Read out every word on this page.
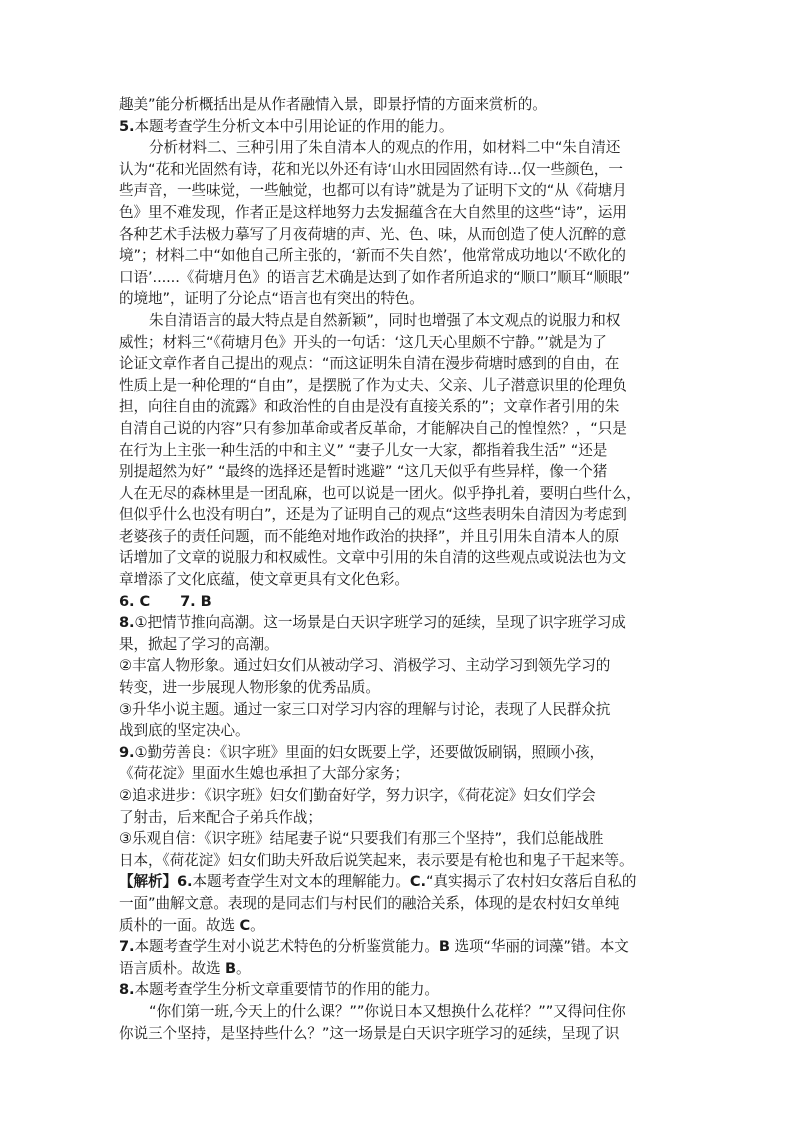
趣美”能分析概括出是从作者融情入景，即景抒情的方面来赏析的。
5.本题考查学生分析文本中引用论证的作用的能力。
分析材料二、三种引用了朱自清本人的观点的作用，如材料二中“朱自清还
认为“花和光固然有诗，花和光以外还有诗‘山水田园固然有诗...仅一些颜色，一
些声音，一些味觉，一些触觉，也都可以有诗”就是为了证明下文的“从《荷塘月
色》里不难发现，作者正是这样地努力去发掘蕴含在大自然里的这些“诗”，运用
各种艺术手法极力摹写了月夜荷塘的声、光、色、味，从而创造了使人沉醉的意
境”；材料二中“如他自己所主张的，‘新而不失自然’，他常常成功地以‘不欧化的
口语’......《荷塘月色》的语言艺术确是达到了如作者所追求的“顺口”顺耳“顺眼”
的境地”，证明了分论点“语言也有突出的特色。
朱自清语言的最大特点是自然新颖”，同时也增强了本文观点的说服力和权
威性；材料三“《荷塘月色》开头的一句话：‘这几天心里颇不宁静。”’就是为了
论证文章作者自己提出的观点：“而这证明朱自清在漫步荷塘时感到的自由，在
性质上是一种伦理的“自由”，是摆脱了作为丈夫、父亲、儿子潜意识里的伦理负
担，向往自由的流露》和政治性的自由是没有直接关系的”；文章作者引用的朱
自清自己说的内容”只有参加革命或者反革命，才能解决自己的惶惶然？，“只是
在行为上主张一种生活的中和主义” “妻子儿女一大家，都指着我生活” “还是
别提超然为好” “最终的选择还是暂时逃避” “这几天似乎有些异样，像一个猪
人在无尽的森林里是一团乱麻，也可以说是一团火。似乎挣扎着，要明白些什么，
但似乎什么也没有明白”，还是为了证明自己的观点“这些表明朱自清因为考虑到
老婆孩子的责任问题，而不能绝对地作政治的抉择”，并且引用朱自清本人的原
话增加了文章的说服力和权威性。文章中引用的朱自清的这些观点或说法也为文
章增添了文化底蕴，使文章更具有文化色彩。
6. C 7. B
8.①把情节推向高潮。这一场景是白天识字班学习的延续，呈现了识字班学习成
果，掀起了学习的高潮。
②丰富人物形象。通过妇女们从被动学习、消极学习、主动学习到领先学习的
转变，进一步展现人物形象的优秀品质。
③升华小说主题。通过一家三口对学习内容的理解与讨论，表现了人民群众抗
战到底的坚定决心。
9.①勤劳善良：《识字班》里面的妇女既要上学，还要做饭刷锅，照顾小孩，
《荷花淀》里面水生媳也承担了大部分家务；
②追求进步：《识字班》妇女们勤奋好学，努力识字，《荷花淀》妇女们学会
了射击，后来配合子弟兵作战；
③乐观自信：《识字班》结尾妻子说“只要我们有那三个坚持”，我们总能战胜
日本，《荷花淀》妇女们助夫歼敌后说笑起来，表示要是有枪也和鬼子干起来等。
【解析】6.本题考查学生对文本的理解能力。C.“真实揭示了农村妇女落后自私的
一面”曲解文意。表现的是同志们与村民们的融洽关系，体现的是农村妇女单纯
质朴的一面。故选 C。
7.本题考查学生对小说艺术特色的分析鉴赏能力。B 选项“华丽的词藻”错。本文
语言质朴。故选 B。
8.本题考查学生分析文章重要情节的作用的能力。
“你们第一班,今天上的什么课？””你说日本又想换什么花样？””又得问住你
你说三个坚持，是坚持些什么？”这一场景是白天识字班学习的延续，呈现了识
